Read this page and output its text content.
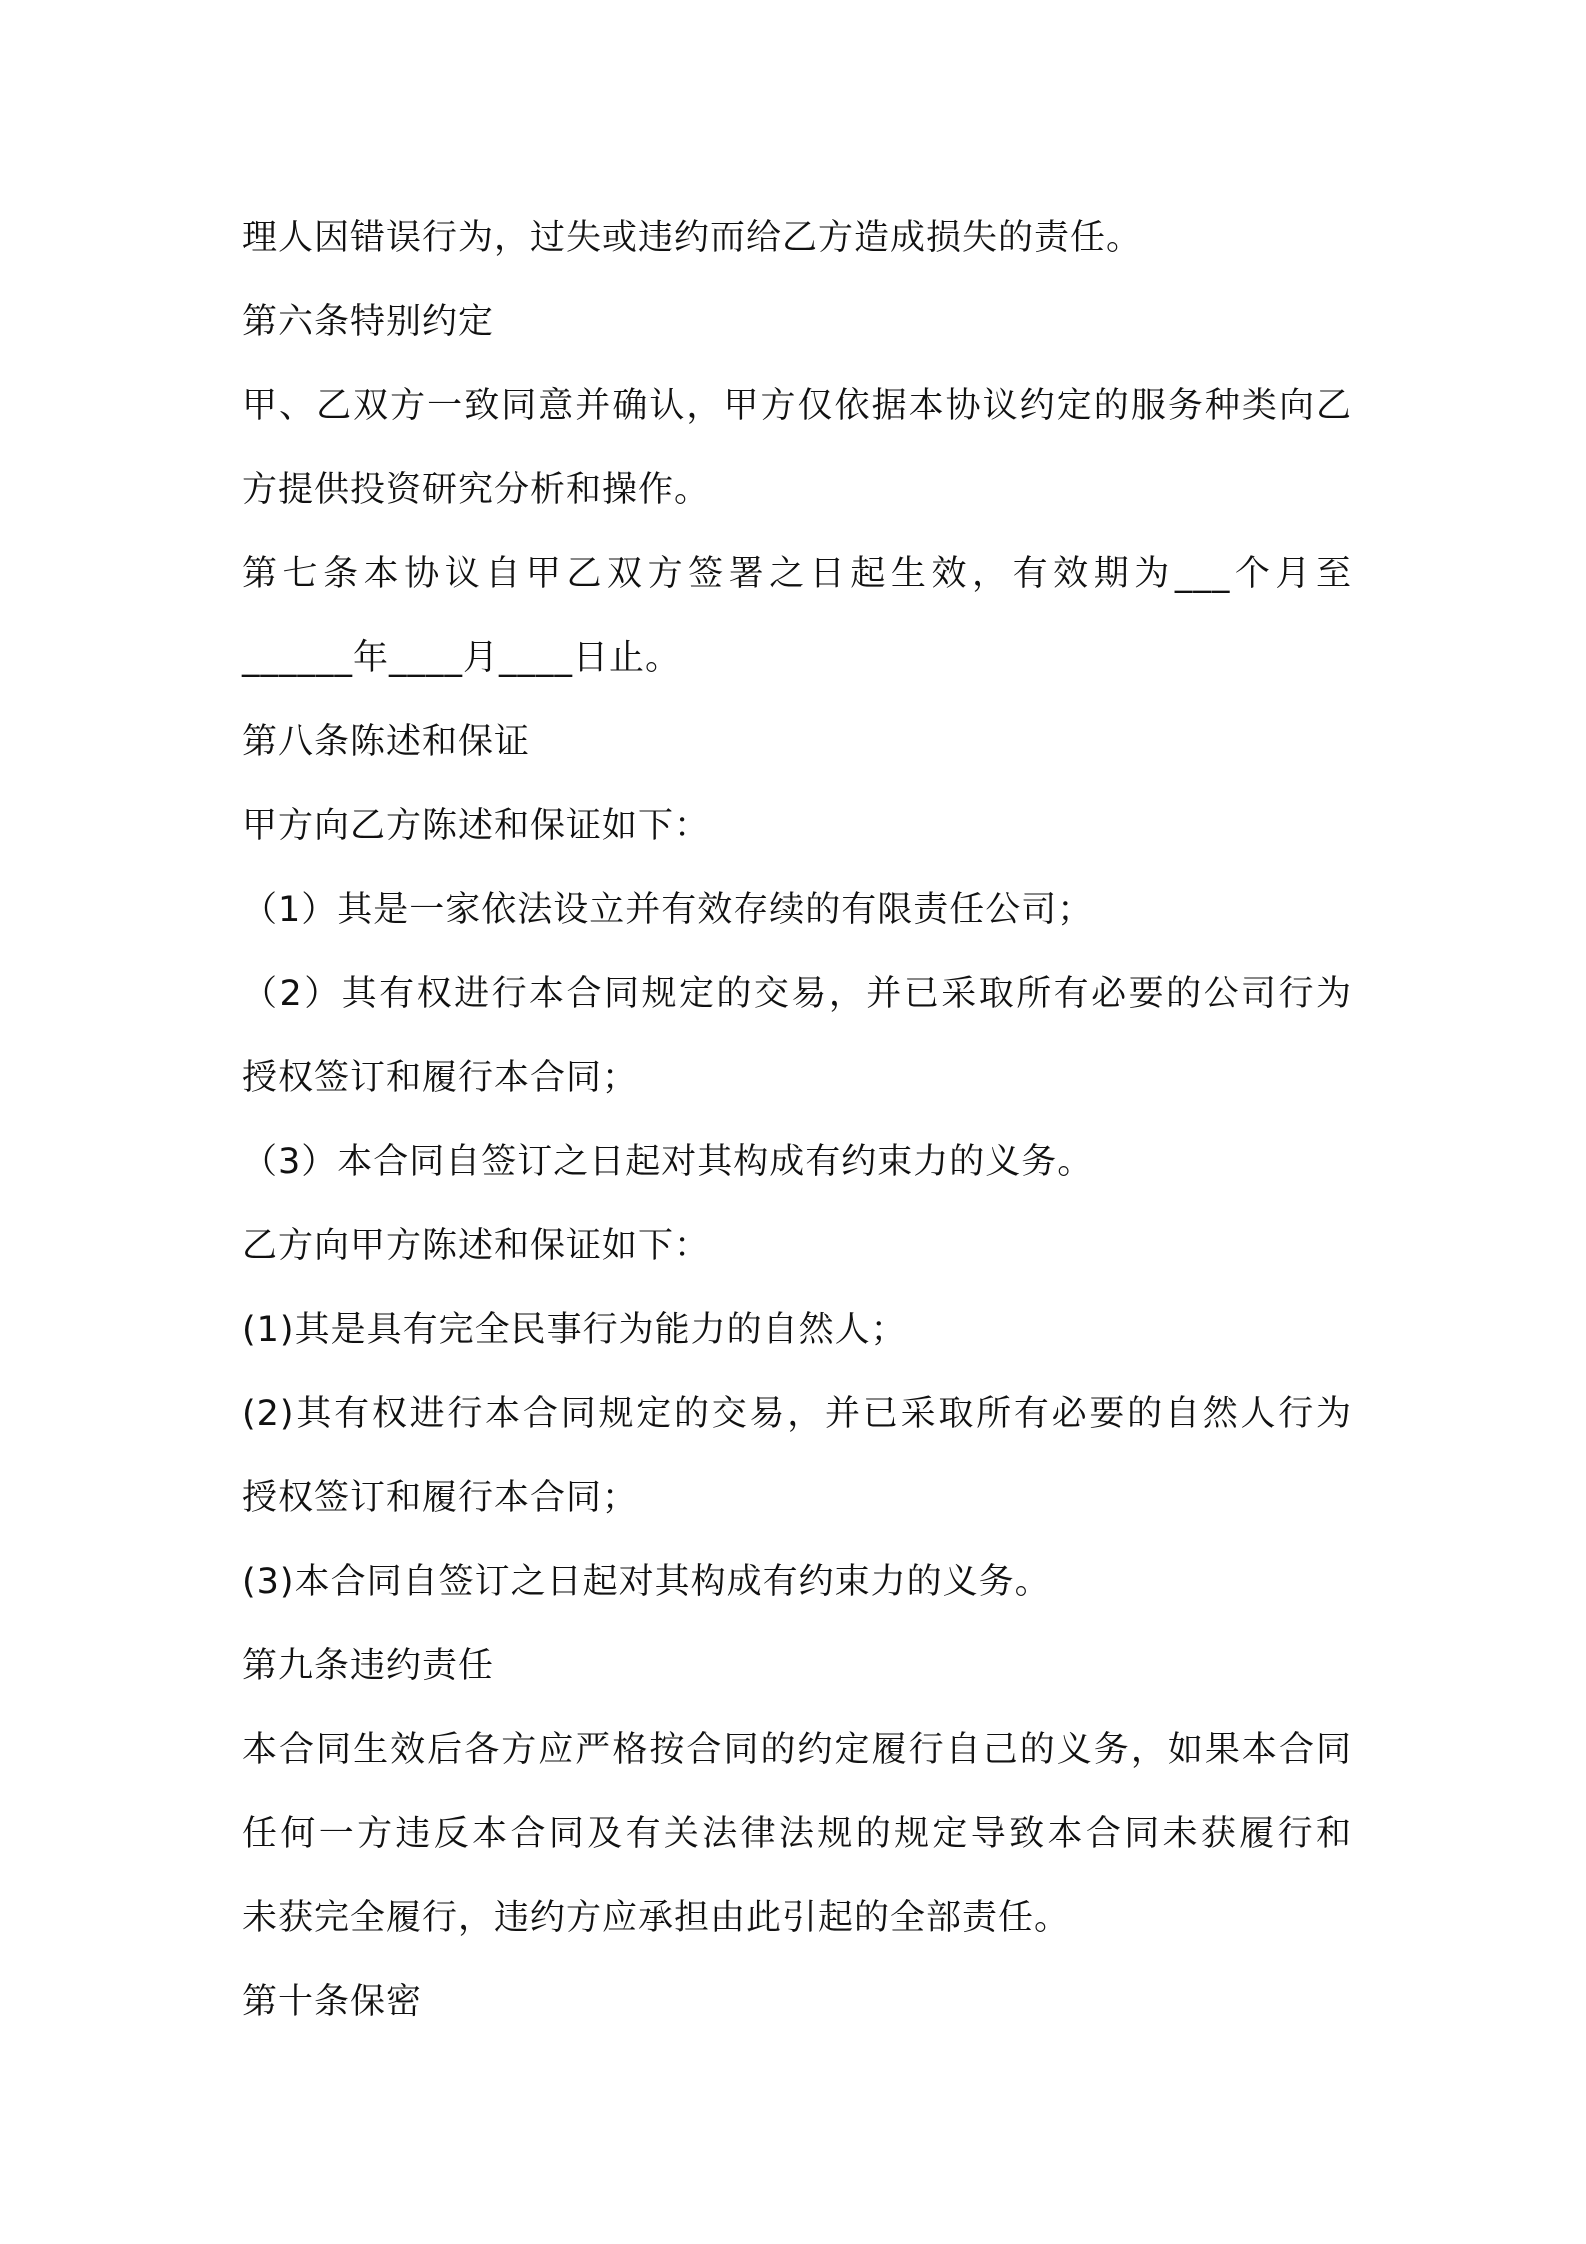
理人因错误行为，过失或违约而给乙方造成损失的责任。
第六条特别约定
甲、乙双方一致同意并确认，甲方仅依据本协议约定的服务种类向乙
方提供投资研究分析和操作。
第七条本协议自甲乙双方签署之日起生效，有效期为___个月至
______年____月____日止。
第八条陈述和保证
甲方向乙方陈述和保证如下：
（1）其是一家依法设立并有效存续的有限责任公司；
（2）其有权进行本合同规定的交易，并已采取所有必要的公司行为
授权签订和履行本合同；
（3）本合同自签订之日起对其构成有约束力的义务。
乙方向甲方陈述和保证如下：
(1)其是具有完全民事行为能力的自然人；
(2)其有权进行本合同规定的交易，并已采取所有必要的自然人行为
授权签订和履行本合同；
(3)本合同自签订之日起对其构成有约束力的义务。
第九条违约责任
本合同生效后各方应严格按合同的约定履行自己的义务，如果本合同
任何一方违反本合同及有关法律法规的规定导致本合同未获履行和
未获完全履行，违约方应承担由此引起的全部责任。
第十条保密
